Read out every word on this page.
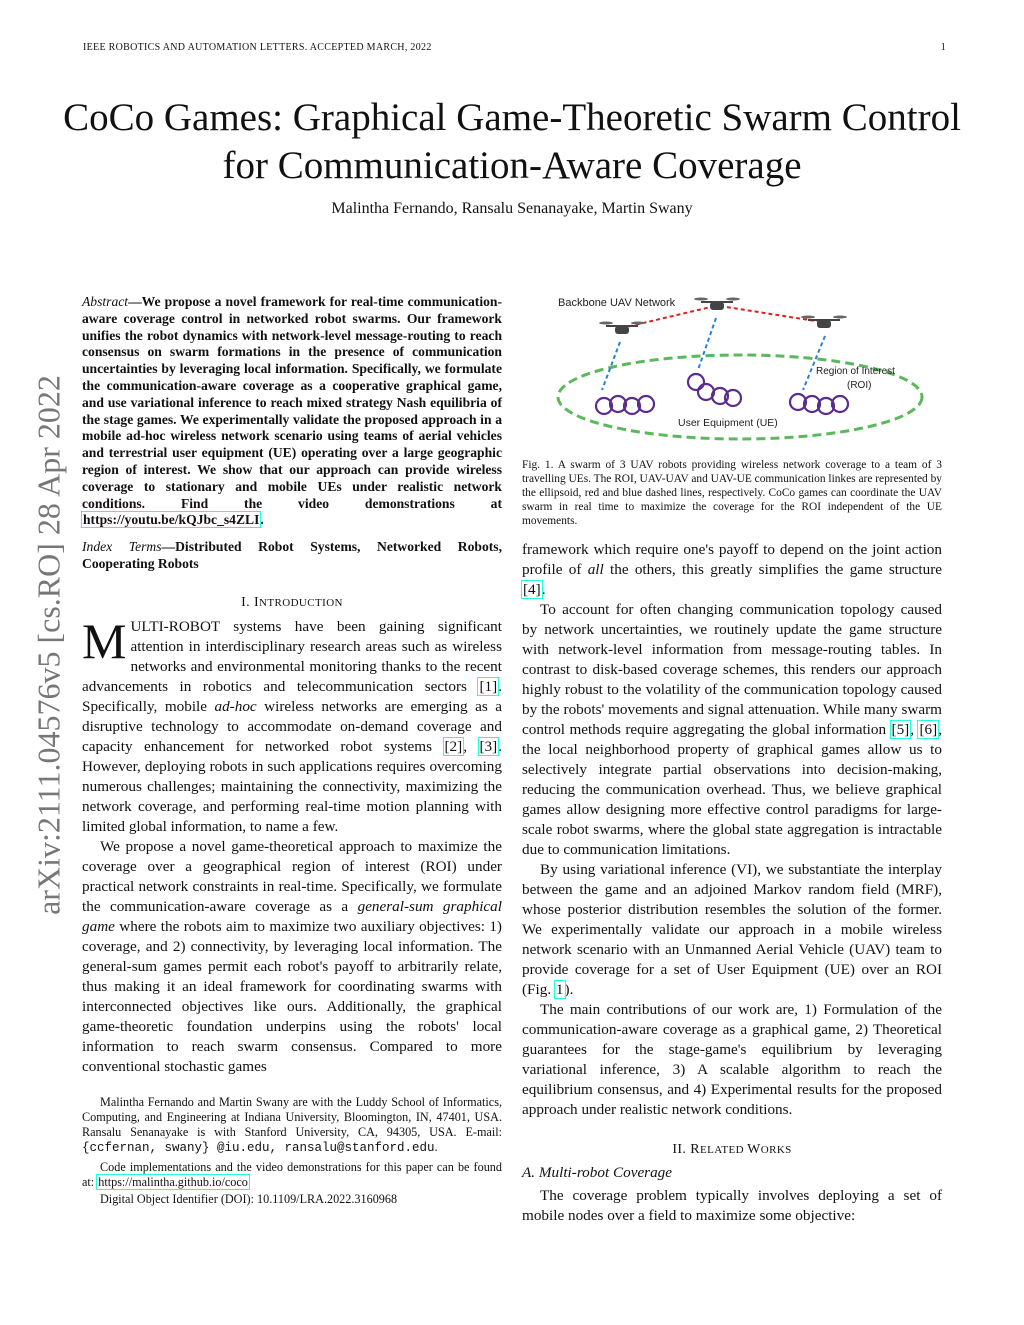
IEEE ROBOTICS AND AUTOMATION LETTERS. ACCEPTED MARCH, 2022	1
arXiv:2111.04576v5 [cs.RO] 28 Apr 2022
CoCo Games: Graphical Game-Theoretic Swarm Control for Communication-Aware Coverage
Malintha Fernando, Ransalu Senanayake, Martin Swany

Abstract—We propose a novel framework for real-time communication-aware coverage control in networked robot swarms. Our framework unifies the robot dynamics with network-level message-routing to reach consensus on swarm formations in the presence of communication uncertainties by leveraging local information. Specifically, we formulate the communication-aware coverage as a cooperative graphical game, and use variational inference to reach mixed strategy Nash equilibria of the stage games. We experimentally validate the proposed approach in a mobile ad-hoc wireless network scenario using teams of aerial vehicles and terrestrial user equipment (UE) operating over a large geographic region of interest. We show that our approach can provide wireless coverage to stationary and mobile UEs under realistic network conditions. Find the video demonstrations at https://youtu.be/kQJbc_s4ZLI.

Index Terms—Distributed Robot Systems, Networked Robots, Cooperating Robots

I. INTRODUCTION

MULTI-ROBOT systems have been gaining significant attention in interdisciplinary research areas such as wireless networks and environmental monitoring thanks to the recent advancements in robotics and telecommunication sectors [1]. Specifically, mobile ad-hoc wireless networks are emerging as a disruptive technology to accommodate on-demand coverage and capacity enhancement for networked robot systems [2], [3]. However, deploying robots in such applications requires overcoming numerous challenges; maintaining the connectivity, maximizing the network coverage, and performing real-time motion planning with limited global information, to name a few.

We propose a novel game-theoretical approach to maximize the coverage over a geographical region of interest (ROI) under practical network constraints in real-time. Specifically, we formulate the communication-aware coverage as a general-sum graphical game where the robots aim to maximize two auxiliary objectives: 1) coverage, and 2) connectivity, by leveraging local information. The general-sum games permit each robot's payoff to arbitrarily relate, thus making it an ideal framework for coordinating swarms with interconnected objectives like ours. Additionally, the graphical game-theoretic foundation underpins using the robots' local information to reach swarm consensus. Compared to more conventional stochastic games

Malintha Fernando and Martin Swany are with the Luddy School of Informatics, Computing, and Engineering at Indiana University, Bloomington, IN, 47401, USA. Ransalu Senanayake is with Stanford University, CA, 94305, USA. E-mail:{ccfernan, swany} @iu.edu, ransalu@stanford.edu.

Code implementations and the video demonstrations for this paper can be found at: https://malintha.github.io/coco

Digital Object Identifier (DOI): 10.1109/LRA.2022.3160968

Backbone UAV Network
Region of Interest
(ROI)
User Equipment (UE)

Fig. 1. A swarm of 3 UAV robots providing wireless network coverage to a team of 3 travelling UEs. The ROI, UAV-UAV and UAV-UE communication linkes are represented by the ellipsoid, red and blue dashed lines, respectively. CoCo games can coordinate the UAV swarm in real time to maximize the coverage for the ROI independent of the UE movements.

framework which require one's payoff to depend on the joint action profile of all the others, this greatly simplifies the game structure [4].

To account for often changing communication topology caused by network uncertainties, we routinely update the game structure with network-level information from message-routing tables. In contrast to disk-based coverage schemes, this renders our approach highly robust to the volatility of the communication topology caused by the robots' movements and signal attenuation. While many swarm control methods require aggregating the global information [5], [6], the local neighborhood property of graphical games allow us to selectively integrate partial observations into decision-making, reducing the communication overhead. Thus, we believe graphical games allow designing more effective control paradigms for large-scale robot swarms, where the global state aggregation is intractable due to communication limitations.

By using variational inference (VI), we substantiate the interplay between the game and an adjoined Markov random field (MRF), whose posterior distribution resembles the solution of the former. We experimentally validate our approach in a mobile wireless network scenario with an Unmanned Aerial Vehicle (UAV) team to provide coverage for a set of User Equipment (UE) over an ROI (Fig. 1).

The main contributions of our work are, 1) Formulation of the communication-aware coverage as a graphical game, 2) Theoretical guarantees for the stage-game's equilibrium by leveraging variational inference, 3) A scalable algorithm to reach the equilibrium consensus, and 4) Experimental results for the proposed approach under realistic network conditions.

II. RELATED WORKS
A. Multi-robot Coverage

The coverage problem typically involves deploying a set of mobile nodes over a field to maximize some objective:
